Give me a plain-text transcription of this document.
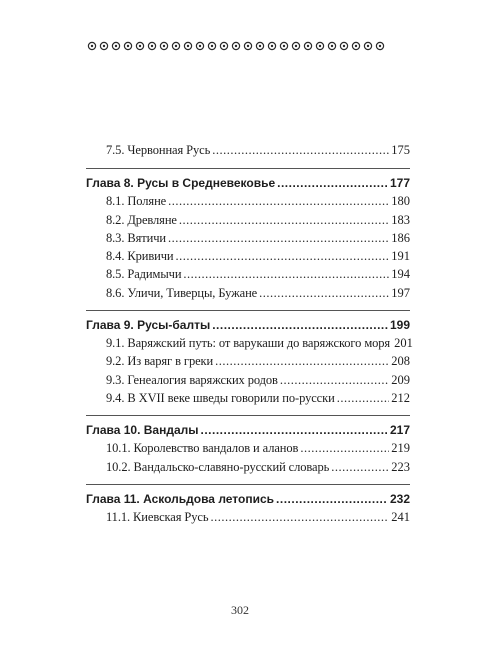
7.5. Червонная Русь .....	175
Глава 8. Русы в Средневековье .....	177
8.1. Поляне .....	180
8.2. Древляне .....	183
8.3. Вятичи .....	186
8.4. Кривичи .....	191
8.5. Радимычи .....	194
8.6. Уличи, Тиверцы, Бужане .....	197
Глава 9. Русы-балты .....	199
9.1. Варяжский путь: от варукаши до варяжского моря 201
9.2. Из варяг в греки .....	208
9.3. Генеалогия варяжских родов .....	209
9.4. В XVII веке шведы говорили по-русски .....	212
Глава 10. Вандалы .....	217
10.1. Королевство вандалов и аланов .....	219
10.2. Вандальско-славяно-русский словарь .....	223
Глава 11. Аскольдова летопись .....	232
11.1. Киевская Русь .....	241
302
